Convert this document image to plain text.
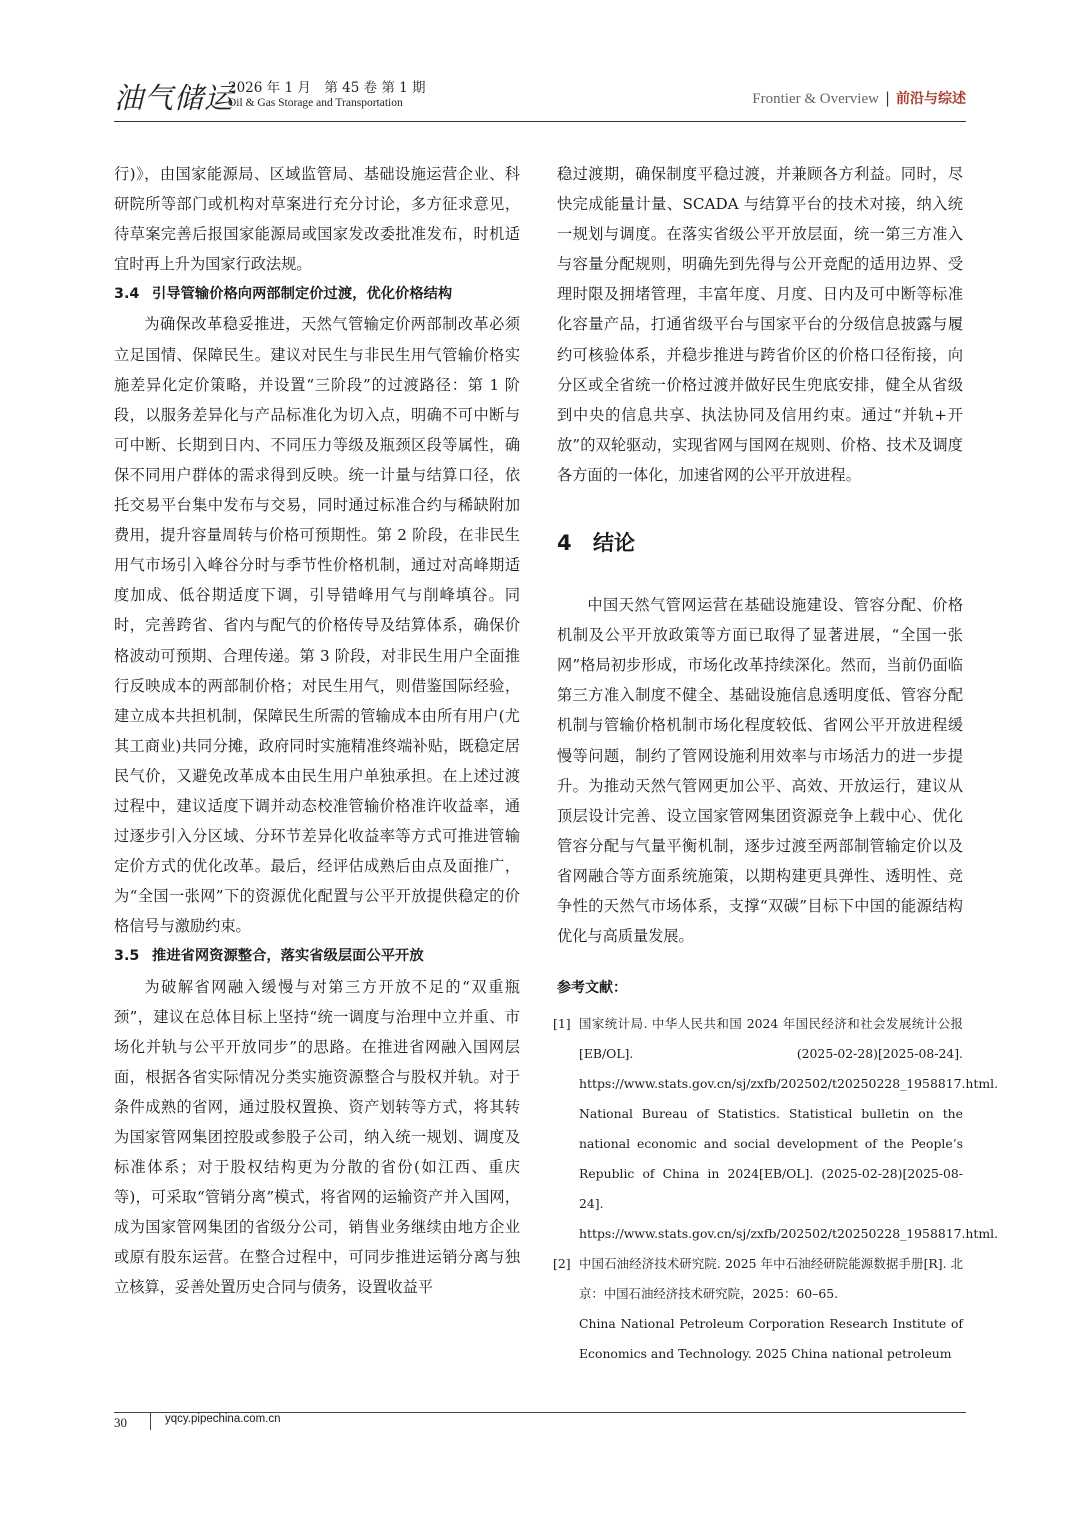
油气储运
2026 年 1 月　第 45 卷 第 1 期
Oil & Gas Storage and Transportation	Frontier & Overview | 前沿与综述

行)》，由国家能源局、区域监管局、基础设施运营企业、科研院所等部门或机构对草案进行充分讨论，多方征求意见，待草案完善后报国家能源局或国家发改委批准发布，时机适宜时再上升为国家行政法规。

3.4 引导管输价格向两部制定价过渡，优化价格结构

为确保改革稳妥推进，天然气管输定价两部制改革必须立足国情、保障民生。建议对民生与非民生用气管输价格实施差异化定价策略，并设置“三阶段”的过渡路径：第 1 阶段，以服务差异化与产品标准化为切入点，明确不可中断与可中断、长期到日内、不同压力等级及瓶颈区段等属性，确保不同用户群体的需求得到反映。统一计量与结算口径，依托交易平台集中发布与交易，同时通过标准合约与稀缺附加费用，提升容量周转与价格可预期性。第 2 阶段，在非民生用气市场引入峰谷分时与季节性价格机制，通过对高峰期适度加成、低谷期适度下调，引导错峰用气与削峰填谷。同时，完善跨省、省内与配气的价格传导及结算体系，确保价格波动可预期、合理传递。第 3 阶段，对非民生用户全面推行反映成本的两部制价格；对民生用气，则借鉴国际经验，建立成本共担机制，保障民生所需的管输成本由所有用户(尤其工商业)共同分摊，政府同时实施精准终端补贴，既稳定居民气价，又避免改革成本由民生用户单独承担。在上述过渡过程中，建议适度下调并动态校准管输价格准许收益率，通过逐步引入分区域、分环节差异化收益率等方式可推进管输定价方式的优化改革。最后，经评估成熟后由点及面推广，为“全国一张网”下的资源优化配置与公平开放提供稳定的价格信号与激励约束。

3.5 推进省网资源整合，落实省级层面公平开放

为破解省网融入缓慢与对第三方开放不足的“双重瓶颈”，建议在总体目标上坚持“统一调度与治理中立并重、市场化并轨与公平开放同步”的思路。在推进省网融入国网层面，根据各省实际情况分类实施资源整合与股权并轨。对于条件成熟的省网，通过股权置换、资产划转等方式，将其转为国家管网集团控股或参股子公司，纳入统一规划、调度及标准体系；对于股权结构更为分散的省份(如江西、重庆等)，可采取“管销分离”模式，将省网的运输资产并入国网，成为国家管网集团的省级分公司，销售业务继续由地方企业或原有股东运营。在整合过程中，可同步推进运销分离与独立核算，妥善处置历史合同与债务，设置收益平

稳过渡期，确保制度平稳过渡，并兼顾各方利益。同时，尽快完成能量计量、SCADA 与结算平台的技术对接，纳入统一规划与调度。在落实省级公平开放层面，统一第三方准入与容量分配规则，明确先到先得与公开竞配的适用边界、受理时限及拥堵管理，丰富年度、月度、日内及可中断等标准化容量产品，打通省级平台与国家平台的分级信息披露与履约可核验体系，并稳步推进与跨省价区的价格口径衔接，向分区或全省统一价格过渡并做好民生兜底安排，健全从省级到中央的信息共享、执法协同及信用约束。通过“并轨+开放”的双轮驱动，实现省网与国网在规则、价格、技术及调度各方面的一体化，加速省网的公平开放进程。

4 结论

中国天然气管网运营在基础设施建设、管容分配、价格机制及公平开放政策等方面已取得了显著进展，“全国一张网”格局初步形成，市场化改革持续深化。然而，当前仍面临第三方准入制度不健全、基础设施信息透明度低、管容分配机制与管输价格机制市场化程度较低、省网公平开放进程缓慢等问题，制约了管网设施利用效率与市场活力的进一步提升。为推动天然气管网更加公平、高效、开放运行，建议从顶层设计完善、设立国家管网集团资源竞争上载中心、优化管容分配与气量平衡机制，逐步过渡至两部制管输定价以及省网融合等方面系统施策，以期构建更具弹性、透明性、竞争性的天然气市场体系，支撑“双碳”目标下中国的能源结构优化与高质量发展。

参考文献：
[1] 国家统计局. 中华人民共和国 2024 年国民经济和社会发展统计公报[EB/OL]. (2025-02-28)[2025-08-24]. https://www.stats.gov.cn/sj/zxfb/202502/t20250228_1958817.html.
National Bureau of Statistics. Statistical bulletin on the national economic and social development of the People’s Republic of China in 2024[EB/OL]. (2025-02-28)[2025-08-24]. https://www.stats.gov.cn/sj/zxfb/202502/t20250228_1958817.html.
[2] 中国石油经济技术研究院. 2025 年中石油经研院能源数据手册[R]. 北京：中国石油经济技术研究院，2025：60–65.
China National Petroleum Corporation Research Institute of Economics and Technology. 2025 China national petroleum
30	yqcy.pipechina.com.cn
